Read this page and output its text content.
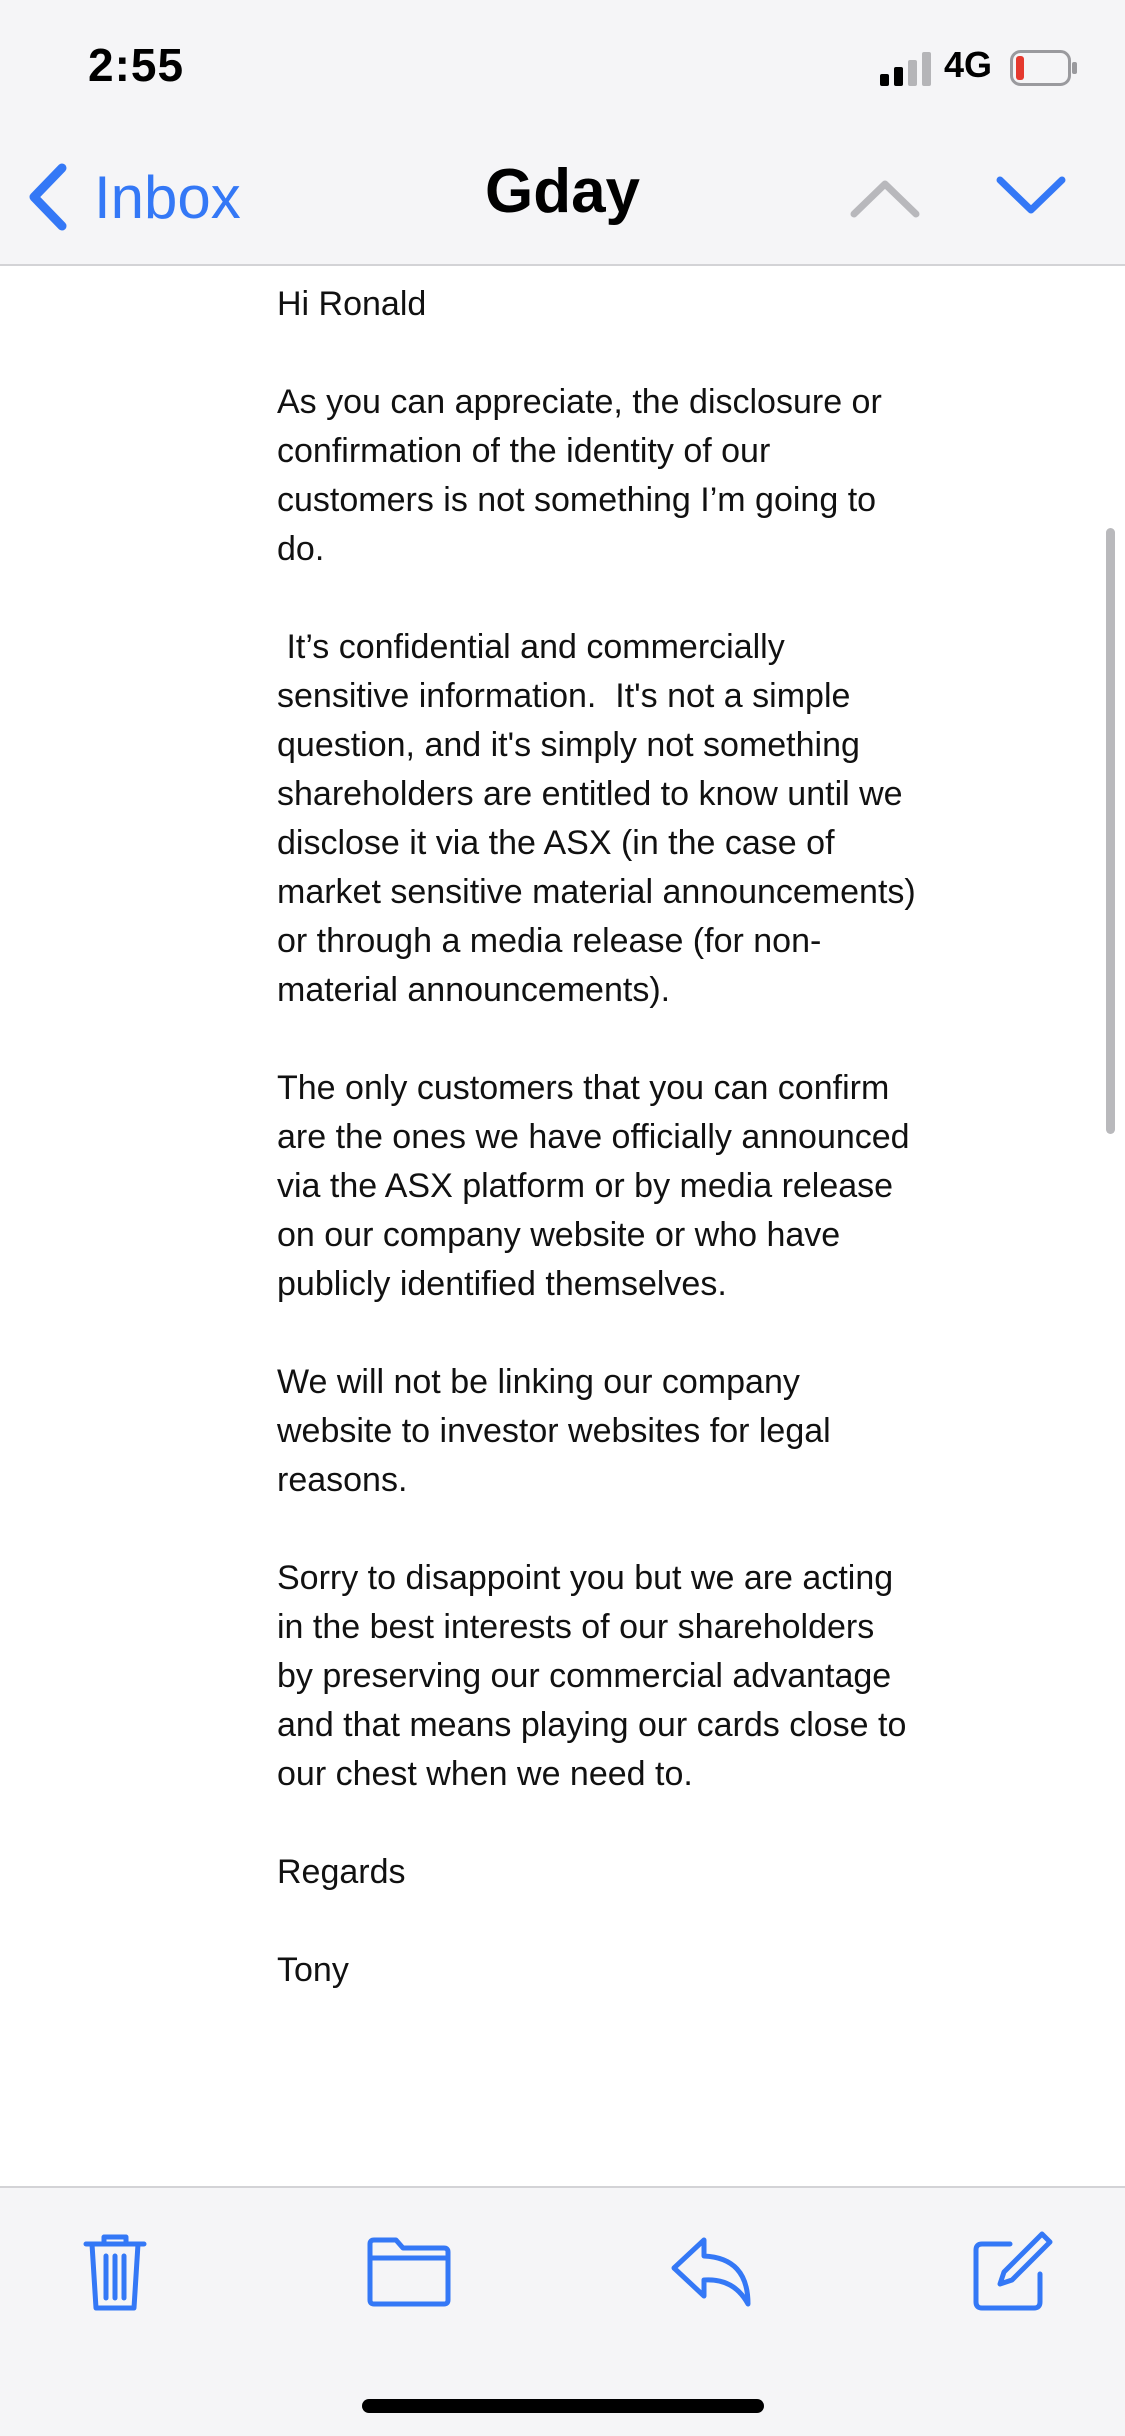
2:55	4G
Inbox	Gday

Hi Ronald

As you can appreciate, the disclosure or confirmation of the identity of our customers is not something I’m going to do.

It’s confidential and commercially sensitive information.  It's not a simple question, and it's simply not something shareholders are entitled to know until we disclose it via the ASX (in the case of market sensitive material announcements) or through a media release (for non-material announcements).

The only customers that you can confirm are the ones we have officially announced via the ASX platform or by media release on our company website or who have publicly identified themselves.

We will not be linking our company website to investor websites for legal reasons.

Sorry to disappoint you but we are acting in the best interests of our shareholders by preserving our commercial advantage and that means playing our cards close to our chest when we need to.

Regards

Tony
